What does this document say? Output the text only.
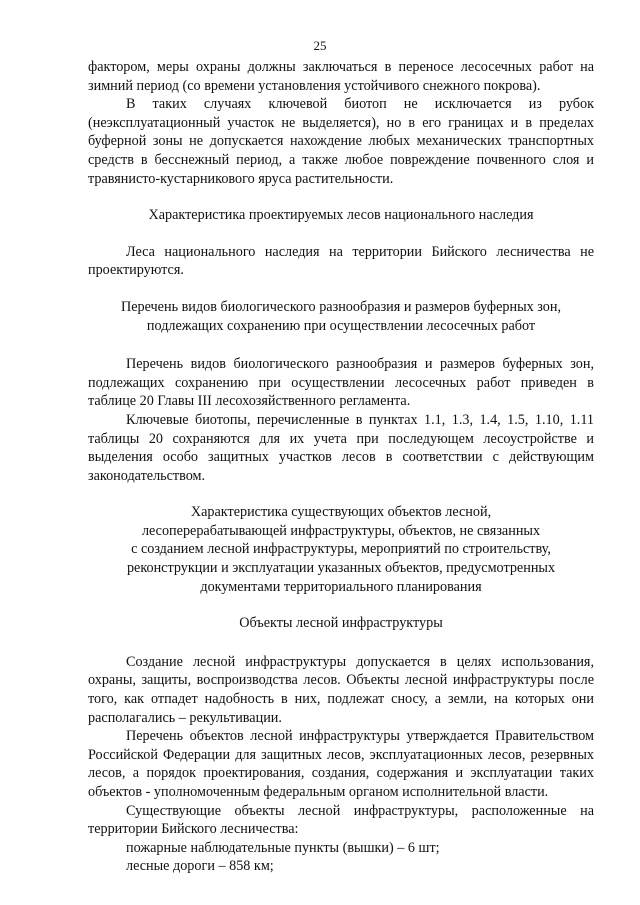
25

фактором, меры охраны должны заключаться в переносе лесосечных работ на зимний период (со времени установления устойчивого снежного покрова).

В таких случаях ключевой биотоп не исключается из рубок (неэксплуатационный участок не выделяется), но в его границах и в пределах буферной зоны не допускается нахождение любых механических транспортных средств в бесснежный период, а также любое повреждение почвенного слоя и травянисто-кустарникового яруса растительности.

Характеристика проектируемых лесов национального наследия

Леса национального наследия на территории Бийского лесничества не проектируются.

Перечень видов биологического разнообразия и размеров буферных зон,
подлежащих сохранению при осуществлении лесосечных работ

Перечень видов биологического разнообразия и размеров буферных зон, подлежащих сохранению при осуществлении лесосечных работ приведен в таблице 20 Главы III лесохозяйственного регламента.

Ключевые биотопы, перечисленные в пунктах 1.1, 1.3, 1.4, 1.5, 1.10, 1.11 таблицы 20 сохраняются для их учета при последующем лесоустройстве и выделения особо защитных участков лесов в соответствии с действующим законодательством.

Характеристика существующих объектов лесной,
лесоперерабатывающей инфраструктуры, объектов, не связанных
с созданием лесной инфраструктуры, мероприятий по строительству,
реконструкции и эксплуатации указанных объектов, предусмотренных
документами территориального планирования
Объекты лесной инфраструктуры

Создание лесной инфраструктуры допускается в целях использования, охраны, защиты, воспроизводства лесов. Объекты лесной инфраструктуры после того, как отпадет надобность в них, подлежат сносу, а земли, на которых они располагались – рекультивации.

Перечень объектов лесной инфраструктуры утверждается Правительством Российской Федерации для защитных лесов, эксплуатационных лесов, резервных лесов, а порядок проектирования, создания, содержания и эксплуатации таких объектов - уполномоченным федеральным органом исполнительной власти.

Существующие объекты лесной инфраструктуры, расположенные на территории Бийского лесничества:

пожарные наблюдательные пункты (вышки) – 6 шт;

лесные дороги – 858 км;
